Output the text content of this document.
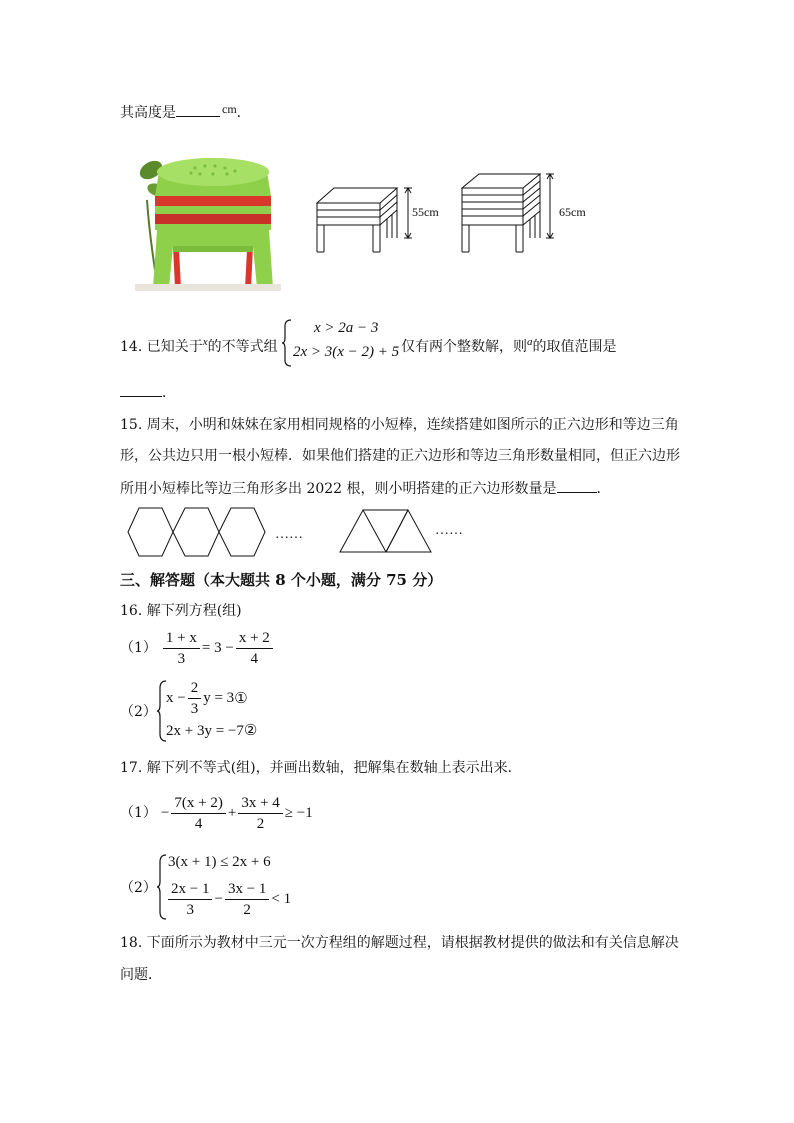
其高度是	cm．
55cm	65cm
14. 已知关于$^x$的不等式组
x > 2a − 3
2x > 3(x − 2) + 5 仅有两个整数解，则$^a$的取值范围是
．
15. 周末，小明和妹妹在家用相同规格的小短棒，连续搭建如图所示的正六边形和等边三角
形，公共边只用一根小短棒．如果他们搭建的正六边形和等边三角形数量相同，但正六边形
所用小短棒比等边三角形多出 2022 根，则小明搭建的正六边形数量是	．
……	……
三、解答题（本大题共 8 个小题，满分 75 分）
16. 解下列方程(组)
$(1) \frac{1 + x}{3} = 3 - \frac{x + 2}{4}$
（2）
$x - \frac{2}{3}$ y = 3 ①
2x + 3y = −7②
17. 解下列不等式(组)，并画出数轴，把解集在数轴上表示出来．
$(1) - \frac{7(x + 2)}{4} + \frac{3x + 4}{2} \ge -1$
（2）
3(x + 1) ≤ 2x + 6
$\frac{2x - 1}{3} - \frac{3x - 1}{2} < 1$
18. 下面所示为教材中三元一次方程组的解题过程，请根据教材提供的做法和有关信息解决
问题．
